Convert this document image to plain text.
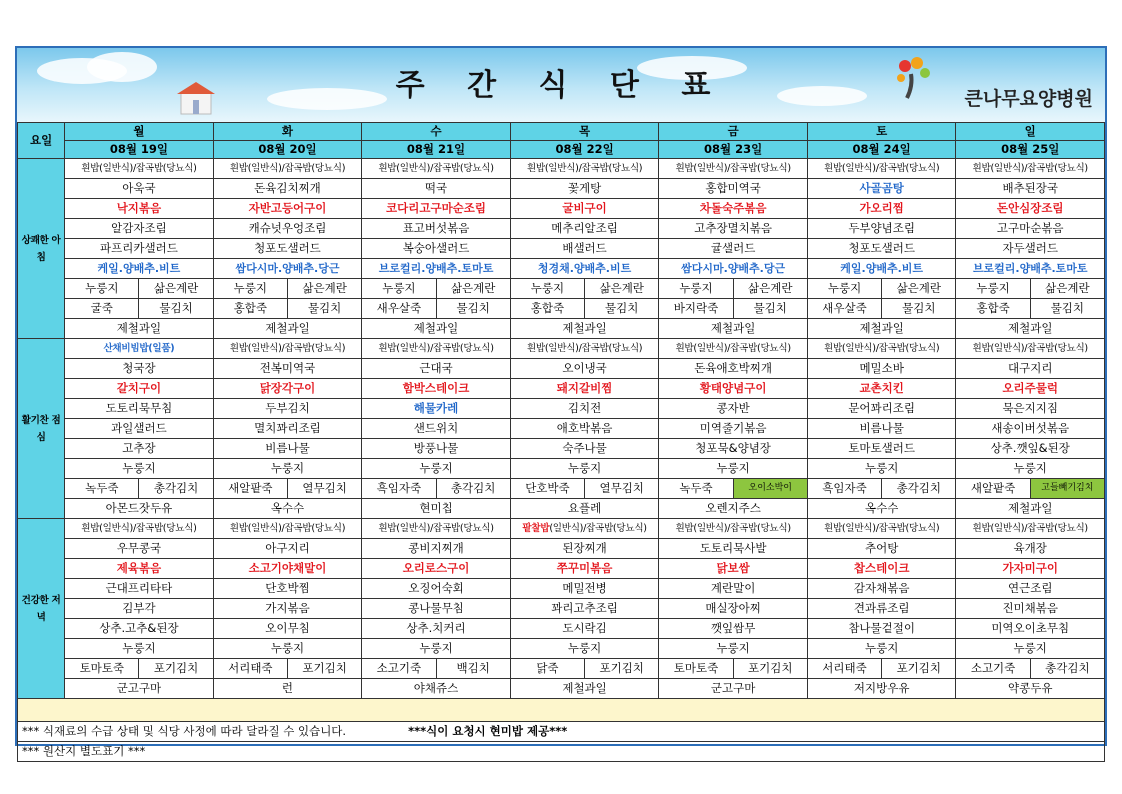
주 간 식 단 표	큰나무요양병원
요일	월		화		수		목		금		토		일	
	08월 19일		08월 20일		08월 21일		08월 22일		08월 23일		08월 24일		08월 25일	
상쾌한 아침	흰밥(일반식)/잡곡밥(당뇨식)		흰밥(일반식)/잡곡밥(당뇨식)		흰밥(일반식)/잡곡밥(당뇨식)		흰밥(일반식)/잡곡밥(당뇨식)		흰밥(일반식)/잡곡밥(당뇨식)		흰밥(일반식)/잡곡밥(당뇨식)		흰밥(일반식)/잡곡밥(당뇨식)	
	아욱국		돈육김치찌개		떡국		꽃게탕		홍합미역국		사골곰탕		배추된장국	
	낙지볶음		자반고등어구이		코다리고구마순조림		굴비구이		차돌숙주볶음		가오리찜		돈안심장조림	
	알감자조림		캐슈넛우엉조림		표고버섯볶음		메추리알조림		고추장멸치볶음		두부양념조림		고구마순볶음	
	파프리카샐러드		청포도샐러드		복숭아샐러드		배샐러드		귤샐러드		청포도샐러드		자두샐러드	
	케일.양배추.비트		쌈다시마.양배추.당근		브로컬리.양배추.토마토		청경채.양배추.비트		쌈다시마.양배추.당근		케일.양배추.비트		브로컬리.양배추.토마토	
	누룽지	삶은계란	누룽지	삶은계란	누룽지	삶은계란	누룽지	삶은계란	누룽지	삶은계란	누룽지	삶은계란	누룽지	삶은계란
	굴죽	물김치	홍합죽	물김치	새우살죽	물김치	홍합죽	물김치	바지락죽	물김치	새우살죽	물김치	홍합죽	물김치
	제철과일		제철과일		제철과일		제철과일		제철과일		제철과일		제철과일	
활기찬 점심	산채비빔밥(일품)		흰밥(일반식)/잡곡밥(당뇨식)		흰밥(일반식)/잡곡밥(당뇨식)		흰밥(일반식)/잡곡밥(당뇨식)		흰밥(일반식)/잡곡밥(당뇨식)		흰밥(일반식)/잡곡밥(당뇨식)		흰밥(일반식)/잡곡밥(당뇨식)	
	청국장		전복미역국		근대국		오이냉국		돈육애호박찌개		메밀소바		대구지리	
	갈치구이		닭장각구이		함박스테이크		돼지갈비찜		황태양념구이		교촌치킨		오리주물럭	
	도토리묵무침		두부김치		해물카레		김치전		콩자반		문어꽈리조림		묵은지지짐	
	과일샐러드		멸치꽈리조림		샌드위치		애호박볶음		미역줄기볶음		비름나물		새송이버섯볶음	
	고추장		비름나물		방풍나물		숙주나물		청포묵&양념장		토마토샐러드		상추.깻잎&된장	
	누룽지		누룽지		누룽지		누룽지		누룽지		누룽지		누룽지	
	녹두죽	총각김치	새알팥죽	열무김치	흑임자죽	총각김치	단호박죽	열무김치	녹두죽	오이소박이	흑임자죽	총각김치	새알팥죽	고들빼기김치
	아몬드잣두유		옥수수		현미칩		요플레		오렌지주스		옥수수		제철과일	
건강한 저녁	흰밥(일반식)/잡곡밥(당뇨식)		흰밥(일반식)/잡곡밥(당뇨식)		흰밥(일반식)/잡곡밥(당뇨식)		팥찰밥(일반식)/잡곡밥(당뇨식)		흰밥(일반식)/잡곡밥(당뇨식)		흰밥(일반식)/잡곡밥(당뇨식)		흰밥(일반식)/잡곡밥(당뇨식)	
	우무콩국		아구지리		콩비지찌개		된장찌개		도토리묵사발		추어탕		육개장	
	제육볶음		소고기야채말이		오리로스구이		쭈꾸미볶음		닭보쌈		찹스테이크		가자미구이	
	근대프리타타		단호박찜		오징어숙회		메밀전병		계란말이		감자채볶음		연근조림	
	김부각		가지볶음		콩나물무침		꽈리고추조림		매실장아찌		견과류조림		진미채볶음	
	상추.고추&된장		오이무침		상추.치커리		도시락김		깻잎쌈무		참나물겉절이		미역오이초무침	
	누룽지		누룽지		누룽지		누룽지		누룽지		누룽지		누룽지	
	토마토죽	포기김치	서리태죽	포기김치	소고기죽	백김치	닭죽	포기김치	토마토죽	포기김치	서리태죽	포기김치	소고기죽	총각김치
	군고구마		런		야채쥬스		제철과일		군고구마		저지방우유		약콩두유	

*** 식재료의 수급 상태 및 식당 사정에 따라 달라질 수 있습니다. ***식이 요청시 현미밥 제공***														
*** 원산지 별도표기 ***														
